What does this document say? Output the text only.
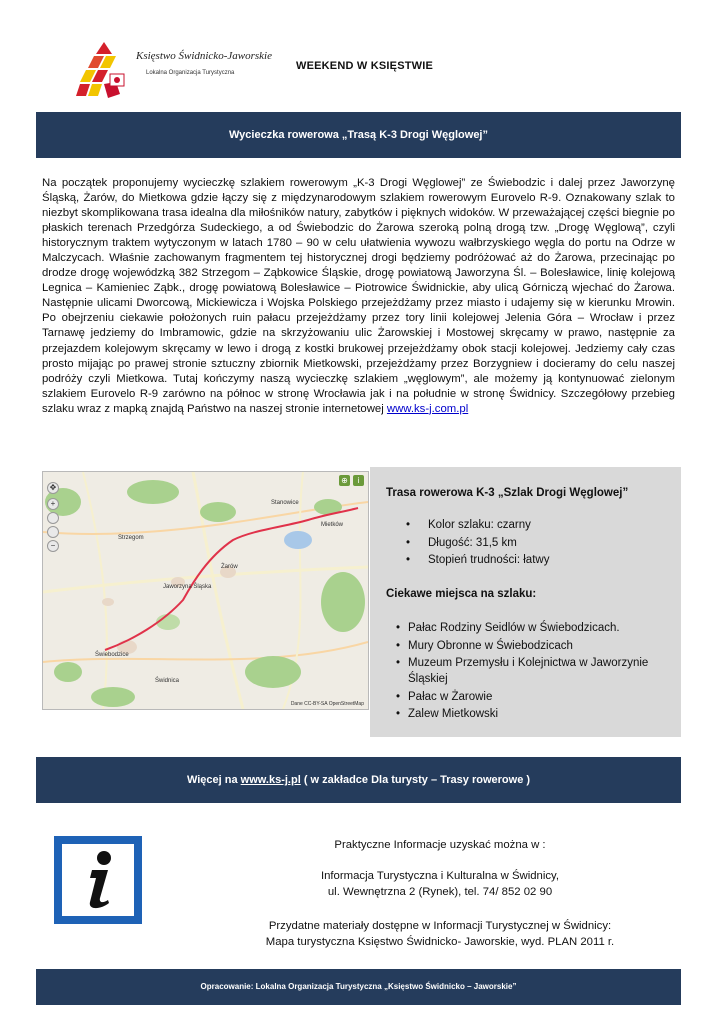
Księstwo Świdnicko-Jaworskie
Lokalna Organizacja Turystyczna
WEEKEND W KSIĘSTWIE
Wycieczka rowerowa „Trasą K-3 Drogi Węglowej”
Na początek proponujemy wycieczkę szlakiem rowerowym „K-3 Drogi Węglowej” ze Świebodzic i dalej przez Jaworzynę Śląską, Żarów, do Mietkowa gdzie łączy się z międzynarodowym szlakiem rowerowym Eurovelo R-9. Oznakowany szlak to niezbyt skomplikowana trasa idealna dla miłośników natury, zabytków i pięknych widoków. W przeważającej części biegnie po płaskich terenach Przedgórza Sudeckiego, a od Świebodzic do Żarowa szeroką polną drogą tzw. „Drogę Węglową”, czyli historycznym traktem wytyczonym w latach 1780 – 90 w celu ułatwienia wywozu wałbrzyskiego węgla do portu na Odrze w Malczycach. Właśnie zachowanym fragmentem tej historycznej drogi będziemy podróżować aż do Żarowa, przecinając po drodze drogę wojewódzką 382 Strzegom – Ząbkowice Śląskie, drogę powiatową Jaworzyna Śl. – Bolesławice, linię kolejową Legnica – Kamieniec Ząbk., drogę powiatową Bolesławice – Piotrowice Świdnickie, aby ulicą Górniczą wjechać do Żarowa. Następnie ulicami Dworcową, Mickiewicza i Wojska Polskiego przejeżdżamy przez miasto i udajemy się w kierunku Mrowin. Po obejrzeniu ciekawie położonych ruin pałacu przejeżdżamy przez tory linii kolejowej Jelenia Góra – Wrocław i przez Tarnawę jedziemy do Imbramowic, gdzie na skrzyżowaniu ulic Żarowskiej i Mostowej skręcamy w prawo, następnie za przejazdem kolejowym skręcamy w lewo i drogą z kostki brukowej przejeżdżamy obok stacji kolejowej. Jedziemy cały czas prosto mijając po prawej stronie sztuczny zbiornik Mietkowski, przejeżdżamy przez Borzygniew i docieramy do celu naszej podróży czyli Mietkowa. Tutaj kończymy naszą wycieczkę szlakiem „węglowym”, ale możemy ją kontynuować zielonym szlakiem Eurovelo R-9 zarówno na północ w stronę Wrocławia jak i na południe w stronę Świdnicy. Szczegółowy przebieg szlaku wraz z mapką znajdą Państwo na naszej stronie internetowej www.ks-j.com.pl
✥
+
−
⊕	i
Stanowice
Strzegom
Jaworzyna Śląska
Żarów
Świebodzice
Świdnica
Mietków
Dane CC-BY-SA OpenStreetMap
Trasa rowerowa K-3 „Szlak Drogi Węglowej”
• Kolor szlaku: czarny
• Długość: 31,5 km
• Stopień trudności: łatwy
Ciekawe miejsca na szlaku:
• Pałac Rodziny Seidlów w Świebodzicach.
• Mury Obronne w Świebodzicach
• Muzeum Przemysłu i Kolejnictwa w Jaworzynie Śląskiej
• Pałac w Żarowie
• Zalew Mietkowski
Więcej na www.ks-j.pl ( w zakładce Dla turysty – Trasy rowerowe )
Praktyczne Informacje uzyskać można w :
Informacja Turystyczna i Kulturalna w Świdnicy,
ul. Wewnętrzna 2 (Rynek), tel. 74/ 852 02 90
Przydatne materiały dostępne w Informacji Turystycznej w Świdnicy:
Mapa turystyczna Księstwo Świdnicko- Jaworskie, wyd. PLAN 2011 r.
Opracowanie: Lokalna Organizacja Turystyczna „Księstwo Świdnicko – Jaworskie”
